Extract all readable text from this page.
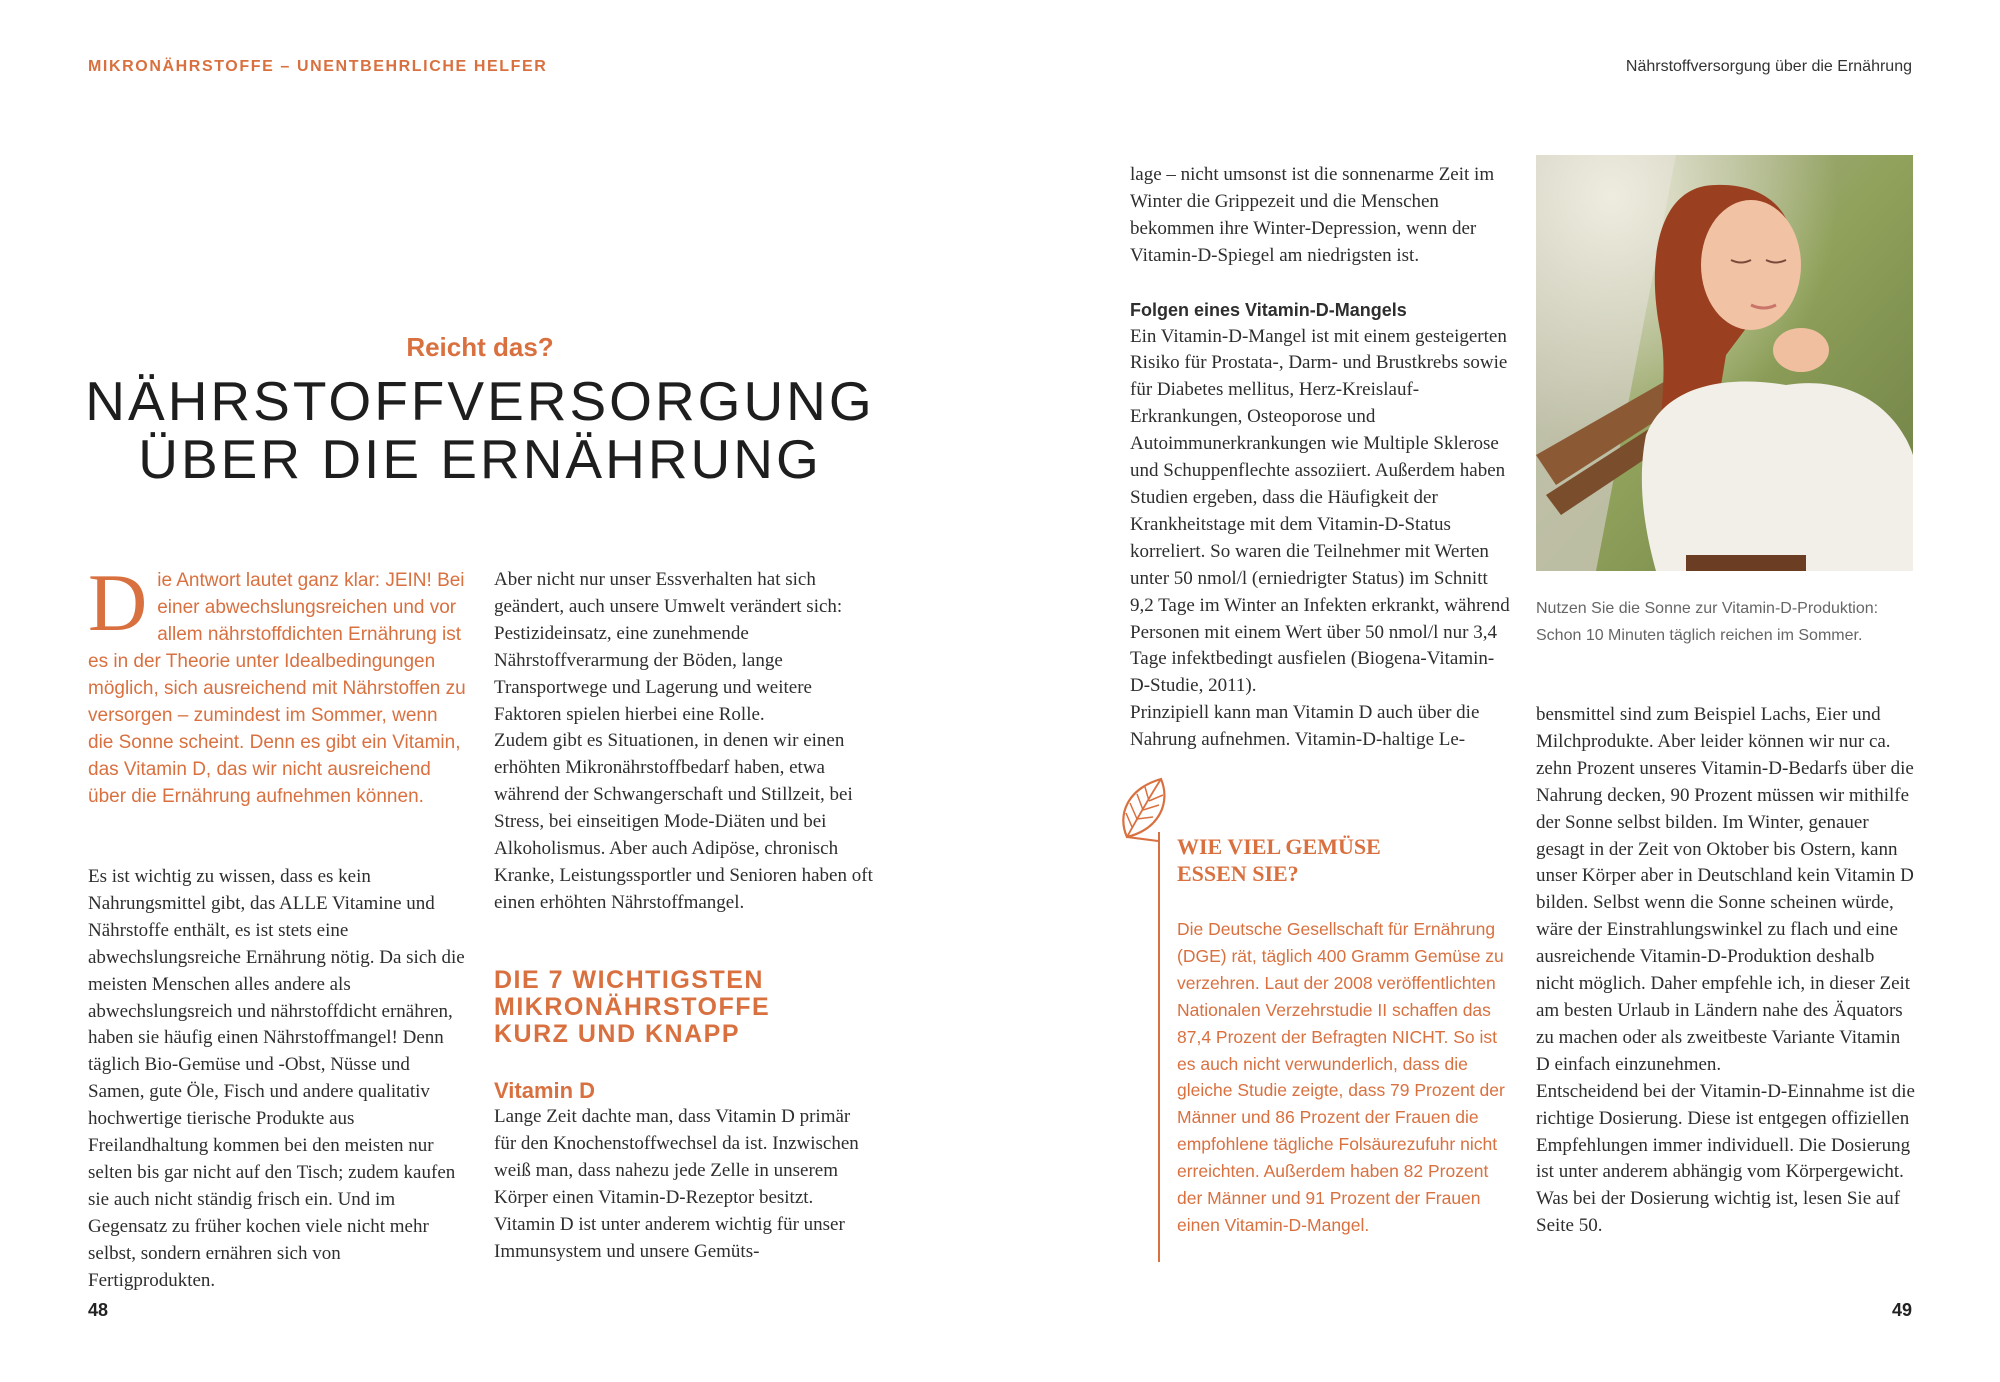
MIKRONÄHRSTOFFE – UNENTBEHRLICHE HELFER	Nährstoffversorgung über die Ernährung
Reicht das?
NÄHRSTOFFVERSORGUNG
ÜBER DIE ERNÄHRUNG
Die Antwort lautet ganz klar: JEIN! Bei einer abwechslungsreichen und vor allem nährstoffdichten Ernährung ist es in der Theorie unter Idealbedingungen möglich, sich ausreichend mit Nährstoffen zu versorgen – zumindest im Sommer, wenn die Sonne scheint. Denn es gibt ein Vitamin, das Vitamin D, das wir nicht ausreichend über die Ernährung aufnehmen können.

Es ist wichtig zu wissen, dass es kein Nahrungsmittel gibt, das ALLE Vitamine und Nährstoffe enthält, es ist stets eine abwechslungsreiche Ernährung nötig. Da sich die meisten Menschen alles andere als abwechslungsreich und nährstoffdicht ernähren, haben sie häufig einen Nährstoffmangel! Denn täglich Bio-Gemüse und -Obst, Nüsse und Samen, gute Öle, Fisch und andere qualitativ hochwertige tierische Produkte aus Freilandhaltung kommen bei den meisten nur selten bis gar nicht auf den Tisch; zudem kaufen sie auch nicht ständig frisch ein. Und im Gegensatz zu früher kochen viele nicht mehr selbst, sondern ernähren sich von Fertigprodukten.

Aber nicht nur unser Essverhalten hat sich geändert, auch unsere Umwelt verändert sich: Pestizideinsatz, eine zunehmende Nährstoffverarmung der Böden, lange Transportwege und Lagerung und weitere Faktoren spielen hierbei eine Rolle.

Zudem gibt es Situationen, in denen wir einen erhöhten Mikronährstoffbedarf haben, etwa während der Schwangerschaft und Stillzeit, bei Stress, bei einseitigen Mode-Diäten und bei Alkoholismus. Aber auch Adipöse, chronisch Kranke, Leistungssportler und Senioren haben oft einen erhöhten Nährstoffmangel.

DIE 7 WICHTIGSTEN
MIKRONÄHRSTOFFE
KURZ UND KNAPP
Vitamin D

Lange Zeit dachte man, dass Vitamin D primär für den Knochenstoffwechsel da ist. Inzwischen weiß man, dass nahezu jede Zelle in unserem Körper einen Vitamin-D-Rezeptor besitzt. Vitamin D ist unter anderem wichtig für unser Immunsystem und unsere Gemüts-

lage – nicht umsonst ist die sonnenarme Zeit im Winter die Grippezeit und die Menschen bekommen ihre Winter-Depression, wenn der Vitamin-D-Spiegel am niedrigsten ist.

Folgen eines Vitamin-D-Mangels

Ein Vitamin-D-Mangel ist mit einem gesteigerten Risiko für Prostata-, Darm- und Brustkrebs sowie für Diabetes mellitus, Herz-Kreislauf-Erkrankungen, Osteoporose und Autoimmunerkrankungen wie Multiple Sklerose und Schuppenflechte assoziiert. Außerdem haben Studien ergeben, dass die Häufigkeit der Krankheitstage mit dem Vitamin-D-Status korreliert. So waren die Teilnehmer mit Werten unter 50 nmol/l (erniedrigter Status) im Schnitt 9,2 Tage im Winter an Infekten erkrankt, während Personen mit einem Wert über 50 nmol/l nur 3,4 Tage infektbedingt ausfielen (Biogena-Vitamin-D-Studie, 2011).

Prinzipiell kann man Vitamin D auch über die Nahrung aufnehmen. Vitamin-D-haltige Le-

WIE VIEL GEMÜSE
ESSEN SIE?
Die Deutsche Gesellschaft für Ernährung (DGE) rät, täglich 400 Gramm Gemüse zu verzehren. Laut der 2008 veröffentlichten Nationalen Verzehrstudie II schaffen das 87,4 Prozent der Befragten NICHT. So ist es auch nicht verwunderlich, dass die gleiche Studie zeigte, dass 79 Prozent der Männer und 86 Prozent der Frauen die empfohlene tägliche Folsäurezufuhr nicht erreichten. Außerdem haben 82 Prozent der Männer und 91 Prozent der Frauen einen Vitamin-D-Mangel.
Nutzen Sie die Sonne zur Vitamin-D-Produktion: Schon 10 Minuten täglich reichen im Sommer.

bensmittel sind zum Beispiel Lachs, Eier und Milchprodukte. Aber leider können wir nur ca. zehn Prozent unseres Vitamin-D-Bedarfs über die Nahrung decken, 90 Prozent müssen wir mithilfe der Sonne selbst bilden. Im Winter, genauer gesagt in der Zeit von Oktober bis Ostern, kann unser Körper aber in Deutschland kein Vitamin D bilden. Selbst wenn die Sonne scheinen würde, wäre der Einstrahlungswinkel zu flach und eine ausreichende Vitamin-D-Produktion deshalb nicht möglich. Daher empfehle ich, in dieser Zeit am besten Urlaub in Ländern nahe des Äquators zu machen oder als zweitbeste Variante Vitamin D einfach einzunehmen.

Entscheidend bei der Vitamin-D-Einnahme ist die richtige Dosierung. Diese ist entgegen offiziellen Empfehlungen immer individuell. Die Dosierung ist unter anderem abhängig vom Körpergewicht. Was bei der Dosierung wichtig ist, lesen Sie auf Seite 50.

48	49
